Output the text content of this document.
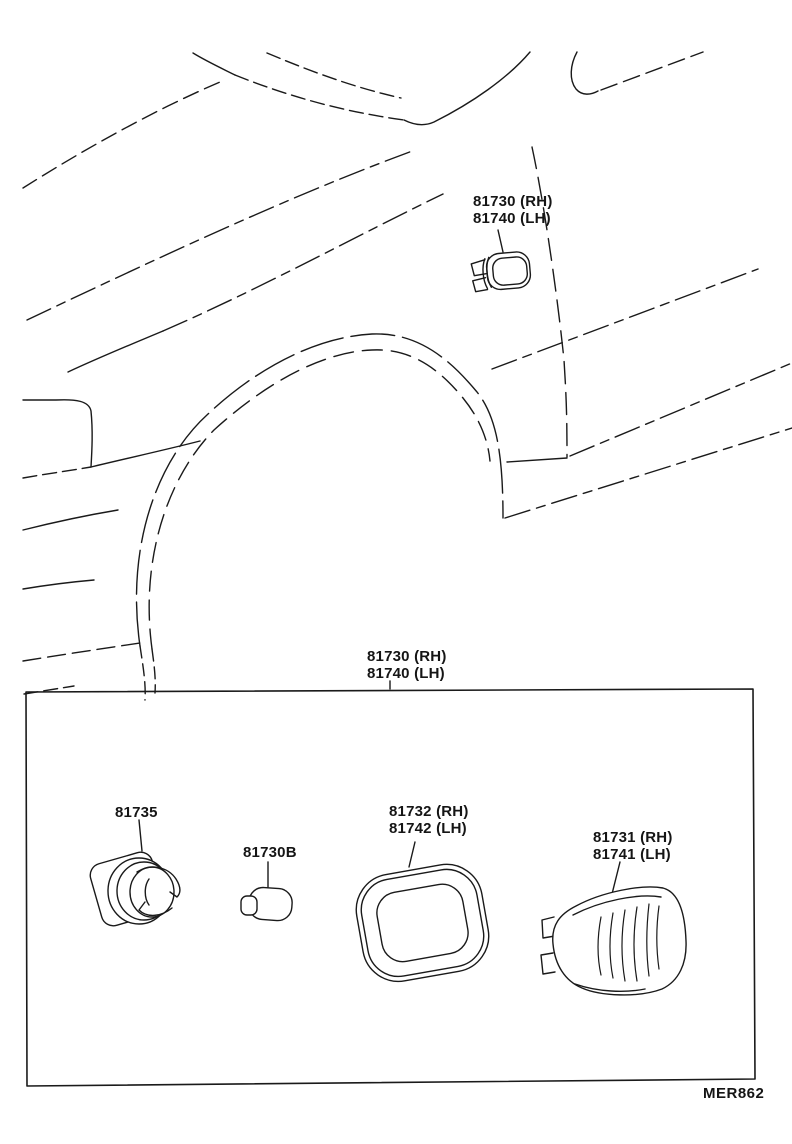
81730 (RH)
81740 (LH)
81730 (RH)
81740 (LH)
81735
81730B
81732 (RH)
81742 (LH)
81731 (RH)
81741 (LH)
MER862
